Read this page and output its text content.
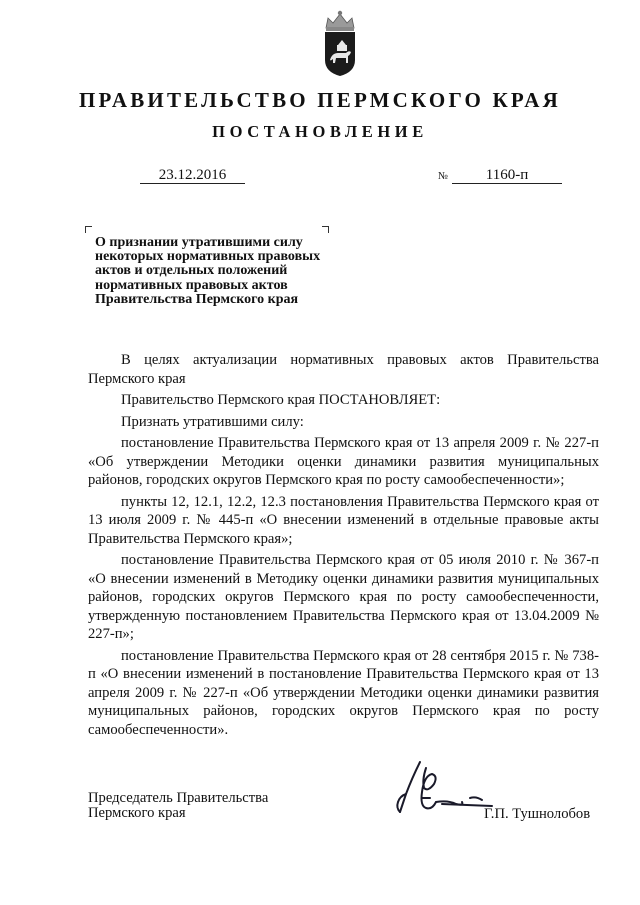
ПРАВИТЕЛЬСТВО ПЕРМСКОГО КРАЯ
ПОСТАНОВЛЕНИЕ
23.12.2016	№	1160-п
О признании утратившими силу
некоторых нормативных правовых
актов и отдельных положений
нормативных правовых актов
Правительства Пермского края

В целях актуализации нормативных правовых актов Правительства Пермского края

Правительство Пермского края ПОСТАНОВЛЯЕТ:

Признать утратившими силу:

постановление Правительства Пермского края от 13 апреля 2009 г. № 227-п «Об утверждении Методики оценки динамики развития муниципальных районов, городских округов Пермского края по росту самообеспеченности»;

пункты 12, 12.1, 12.2, 12.3 постановления Правительства Пермского края от 13 июля 2009 г. № 445-п «О внесении изменений в отдельные правовые акты Правительства Пермского края»;

постановление Правительства Пермского края от 05 июля 2010 г. № 367-п «О внесении изменений в Методику оценки динамики развития муниципальных районов, городских округов Пермского края по росту самообеспеченности, утвержденную постановлением Правительства Пермского края от 13.04.2009 № 227-п»;

постановление Правительства Пермского края от 28 сентября 2015 г. № 738-п «О внесении изменений в постановление Правительства Пермского края от 13 апреля 2009 г. № 227-п «Об утверждении Методики оценки динамики развития муниципальных районов, городских округов Пермского края по росту самообеспеченности».

Председатель Правительства
Пермского края	Г.П. Тушнолобов
